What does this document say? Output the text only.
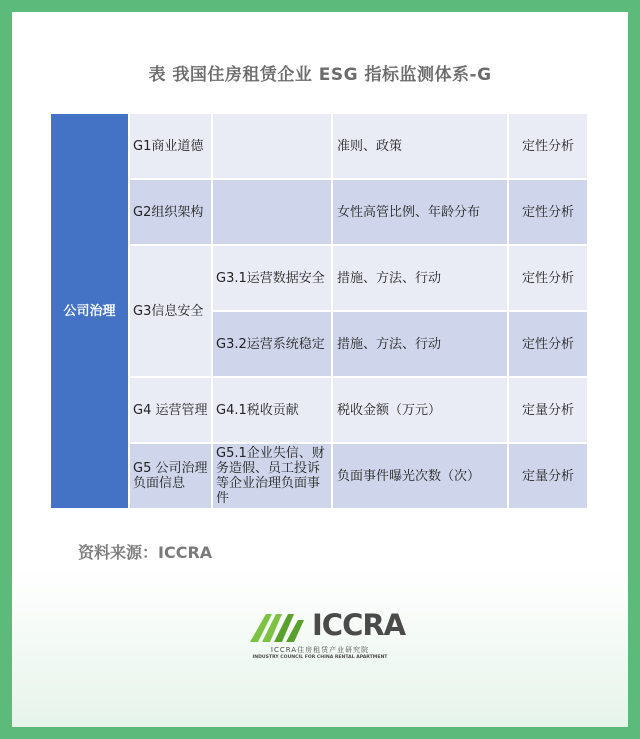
表 我国住房租赁企业 ESG 指标监测体系-G
公司治理	G1商业道德		准则、政策	定性分析
	G2组织架构		女性高管比例、年龄分布	定性分析
	G3信息安全	G3.1运营数据安全	措施、方法、行动	定性分析
		G3.2运营系统稳定	措施、方法、行动	定性分析
	G4 运营管理	G4.1税收贡献	税收金额（万元）	定量分析
	G5 公司治理负面信息	G5.1企业失信、财务造假、员工投诉等企业治理负面事件	负面事件曝光次数（次）	定量分析
资料来源：ICCRA
ICCRA
ICCRA住房租赁产业研究院
INDUSTRY COUNCIL FOR CHINA RENTAL APARTMENT
